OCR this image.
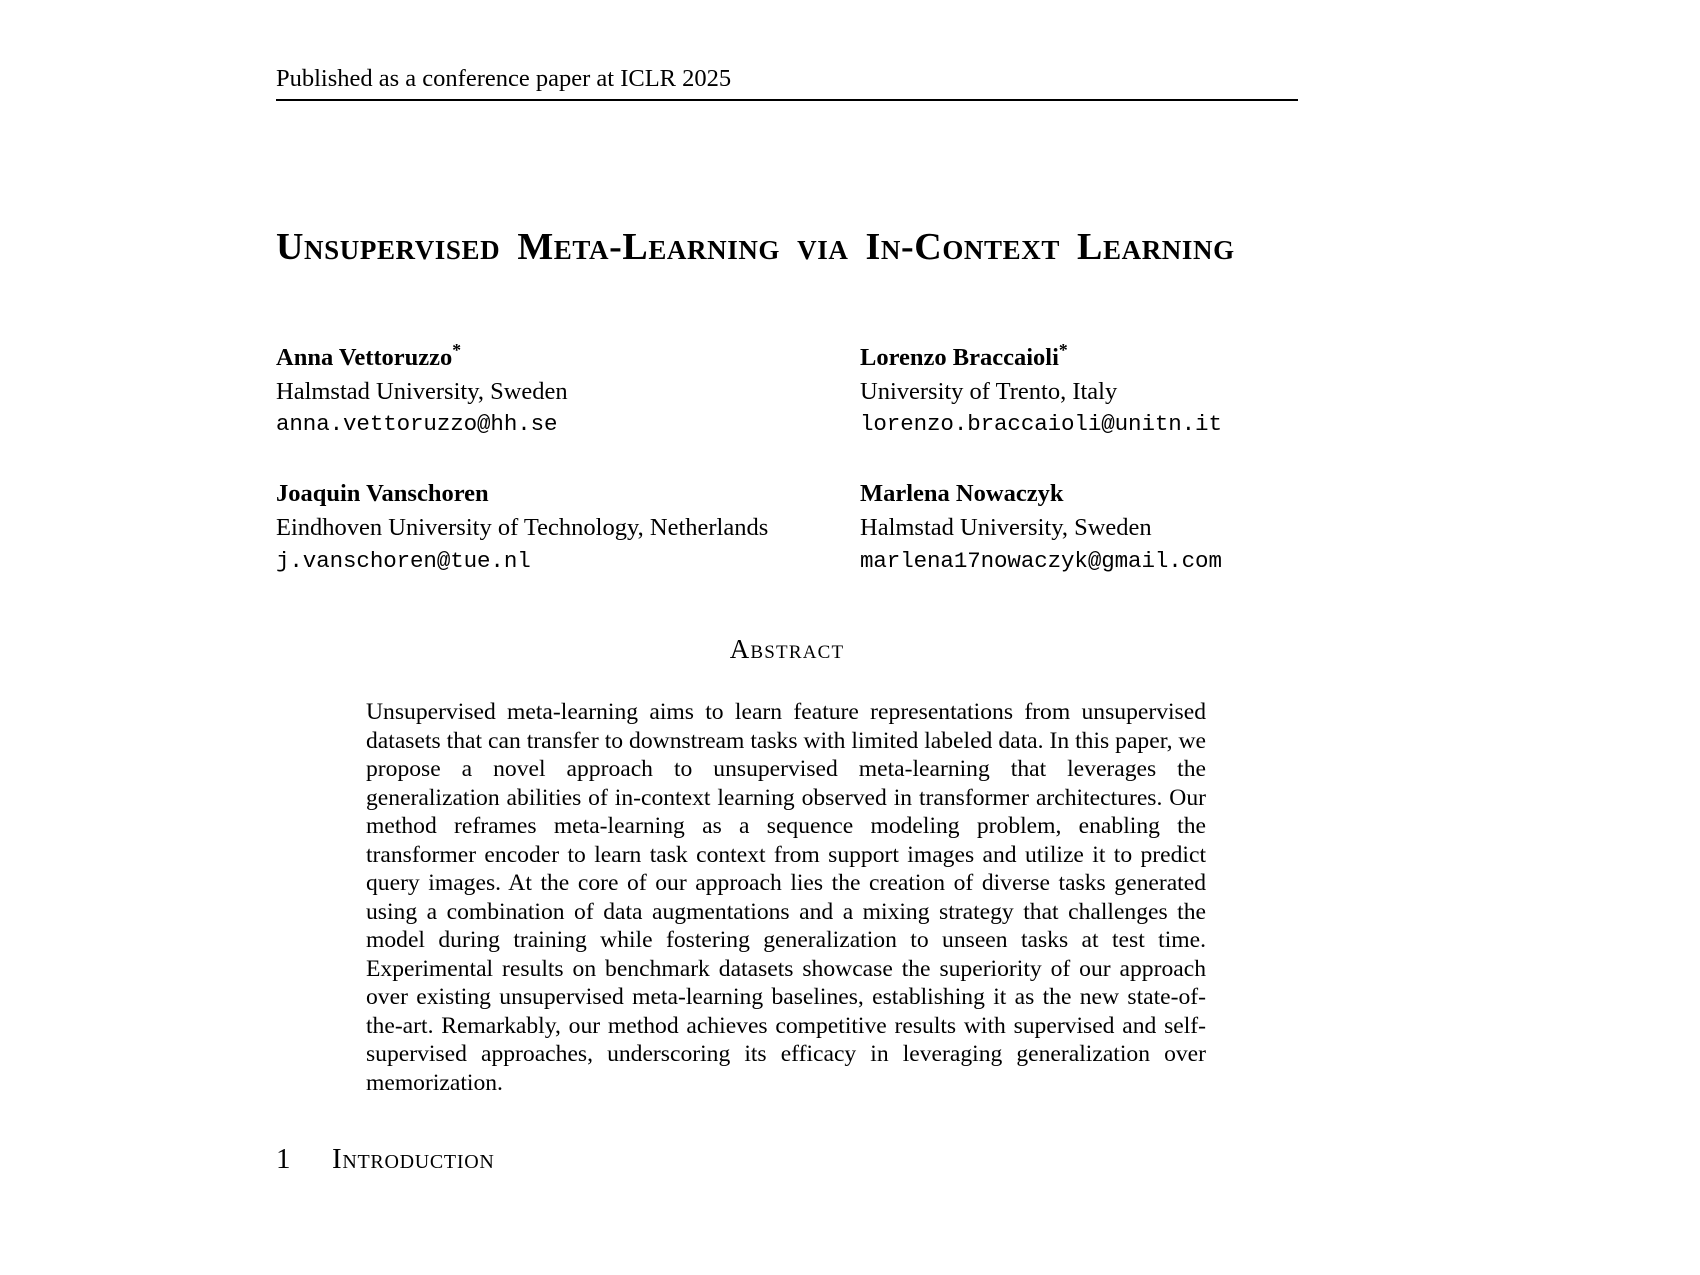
Published as a conference paper at ICLR 2025
Unsupervised Meta-Learning via In-Context Learning
Anna Vettoruzzo*
Halmstad University, Sweden
anna.vettoruzzo@hh.se
Lorenzo Braccaioli*
University of Trento, Italy
lorenzo.braccaioli@unitn.it
Joaquin Vanschoren
Eindhoven University of Technology, Netherlands
j.vanschoren@tue.nl
Marlena Nowaczyk
Halmstad University, Sweden
marlena17nowaczyk@gmail.com
Abstract
Unsupervised meta-learning aims to learn feature representations from unsupervised datasets that can transfer to downstream tasks with limited labeled data. In this paper, we propose a novel approach to unsupervised meta-learning that leverages the generalization abilities of in-context learning observed in transformer architectures. Our method reframes meta-learning as a sequence modeling problem, enabling the transformer encoder to learn task context from support images and utilize it to predict query images. At the core of our approach lies the creation of diverse tasks generated using a combination of data augmentations and a mixing strategy that challenges the model during training while fostering generalization to unseen tasks at test time. Experimental results on benchmark datasets showcase the superiority of our approach over existing unsupervised meta-learning baselines, establishing it as the new state-of-the-art. Remarkably, our method achieves competitive results with supervised and self-supervised approaches, underscoring its efficacy in leveraging generalization over memorization.
1	Introduction
